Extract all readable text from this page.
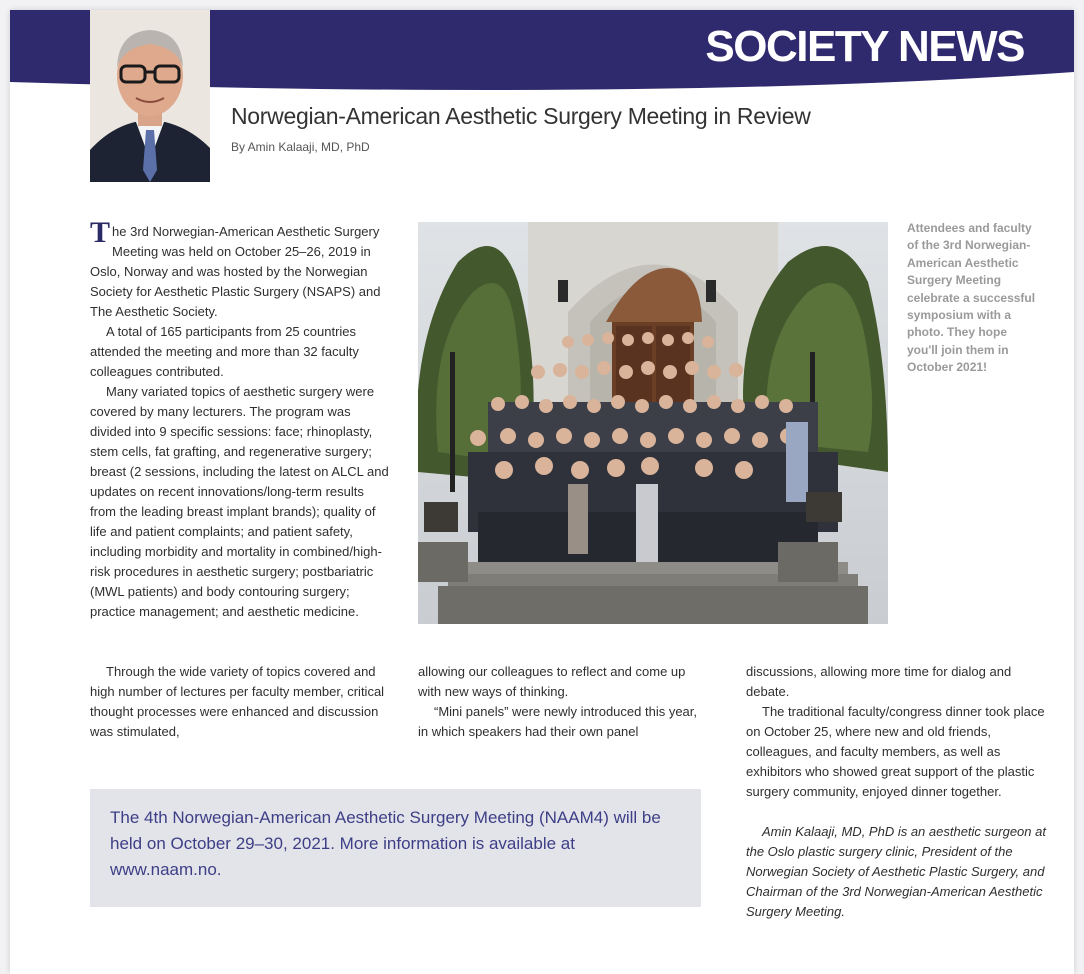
SOCIETY NEWS
Norwegian-American Aesthetic Surgery Meeting in Review
By Amin Kalaaji, MD, PhD

The 3rd Norwegian-American Aesthetic Surgery Meeting was held on October 25–26, 2019 in Oslo, Norway and was hosted by the Norwegian Society for Aesthetic Plastic Surgery (NSAPS) and The Aesthetic Society.

A total of 165 participants from 25 countries attended the meeting and more than 32 faculty colleagues contributed.

Many variated topics of aesthetic surgery were covered by many lecturers. The program was divided into 9 specific sessions: face; rhinoplasty, stem cells, fat grafting, and regenerative surgery; breast (2 sessions, including the latest on ALCL and updates on recent innovations/long-term results from the leading breast implant brands); quality of life and patient complaints; and patient safety, including morbidity and mortality in combined/high-risk procedures in aesthetic surgery; postbariatric (MWL patients) and body contouring surgery; practice management; and aesthetic medicine.

Through the wide variety of topics covered and high number of lectures per faculty member, critical thought processes were enhanced and discussion was stimulated,

Attendees and faculty of the 3rd Norwegian-American Aesthetic Surgery Meeting celebrate a successful symposium with a photo. They hope you'll join them in October 2021!

allowing our colleagues to reflect and come up with new ways of thinking.

“Mini panels” were newly introduced this year, in which speakers had their own panel

discussions, allowing more time for dialog and debate.

The traditional faculty/congress dinner took place on October 25, where new and old friends, colleagues, and faculty members, as well as exhibitors who showed great support of the plastic surgery community, enjoyed dinner together.

Amin Kalaaji, MD, PhD is an aesthetic surgeon at the Oslo plastic surgery clinic, President of the Norwegian Society of Aesthetic Plastic Surgery, and Chairman of the 3rd Norwegian-American Aesthetic Surgery Meeting.

The 4th Norwegian-American Aesthetic Surgery Meeting (NAAM4) will be held on October 29–30, 2021. More information is available at www.naam.no.
